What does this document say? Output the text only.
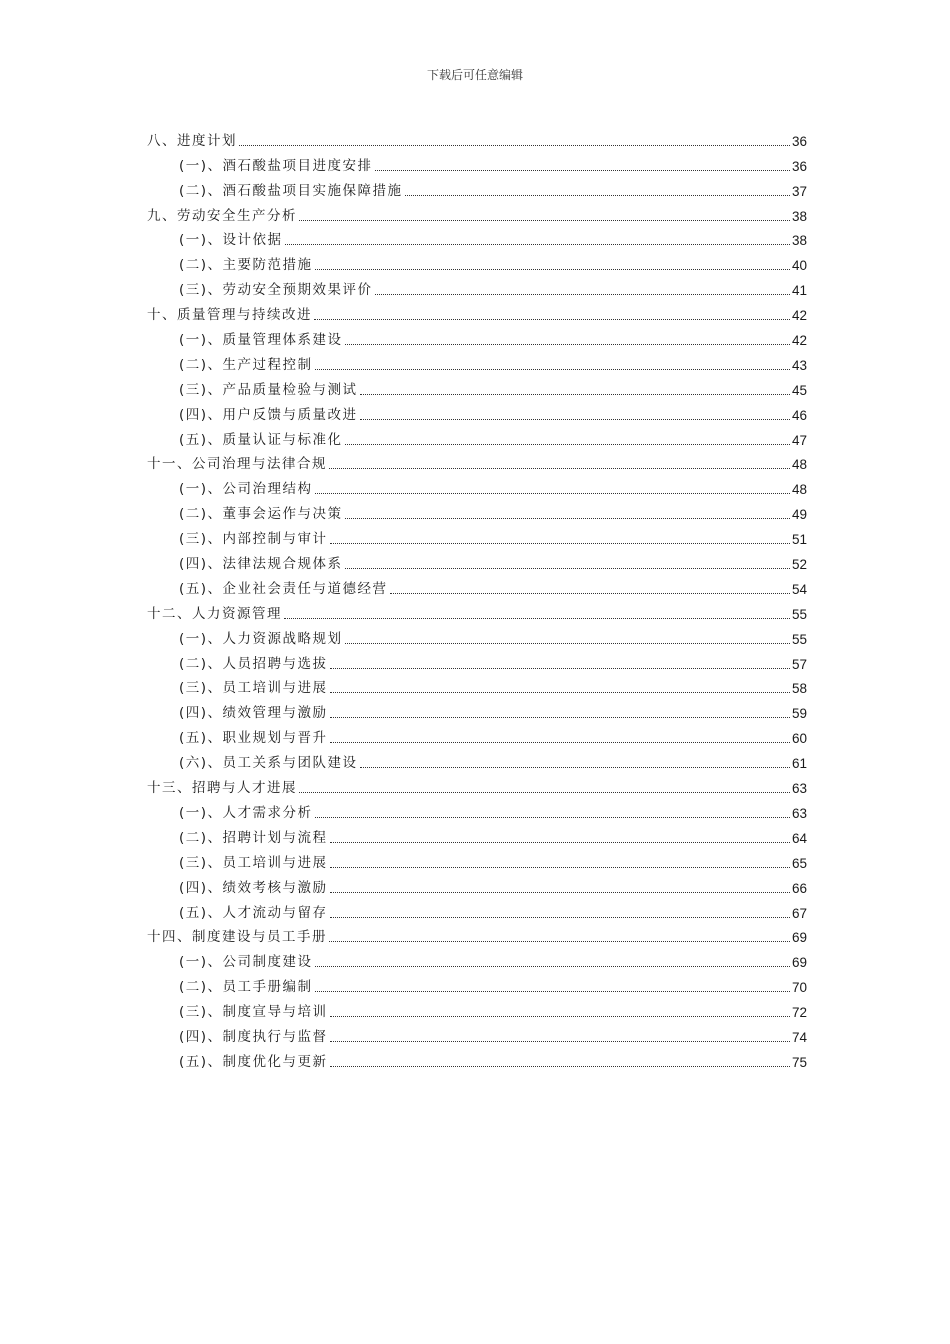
下载后可任意编辑
八、进度计划	36
(一)、酒石酸盐项目进度安排	36
(二)、酒石酸盐项目实施保障措施	37
九、劳动安全生产分析	38
(一)、设计依据	38
(二)、主要防范措施	40
(三)、劳动安全预期效果评价	41
十、质量管理与持续改进	42
(一)、质量管理体系建设	42
(二)、生产过程控制	43
(三)、产品质量检验与测试	45
(四)、用户反馈与质量改进	46
(五)、质量认证与标准化	47
十一、公司治理与法律合规	48
(一)、公司治理结构	48
(二)、董事会运作与决策	49
(三)、内部控制与审计	51
(四)、法律法规合规体系	52
(五)、企业社会责任与道德经营	54
十二、人力资源管理	55
(一)、人力资源战略规划	55
(二)、人员招聘与选拔	57
(三)、员工培训与进展	58
(四)、绩效管理与激励	59
(五)、职业规划与晋升	60
(六)、员工关系与团队建设	61
十三、招聘与人才进展	63
(一)、人才需求分析	63
(二)、招聘计划与流程	64
(三)、员工培训与进展	65
(四)、绩效考核与激励	66
(五)、人才流动与留存	67
十四、制度建设与员工手册	69
(一)、公司制度建设	69
(二)、员工手册编制	70
(三)、制度宣导与培训	72
(四)、制度执行与监督	74
(五)、制度优化与更新	75
